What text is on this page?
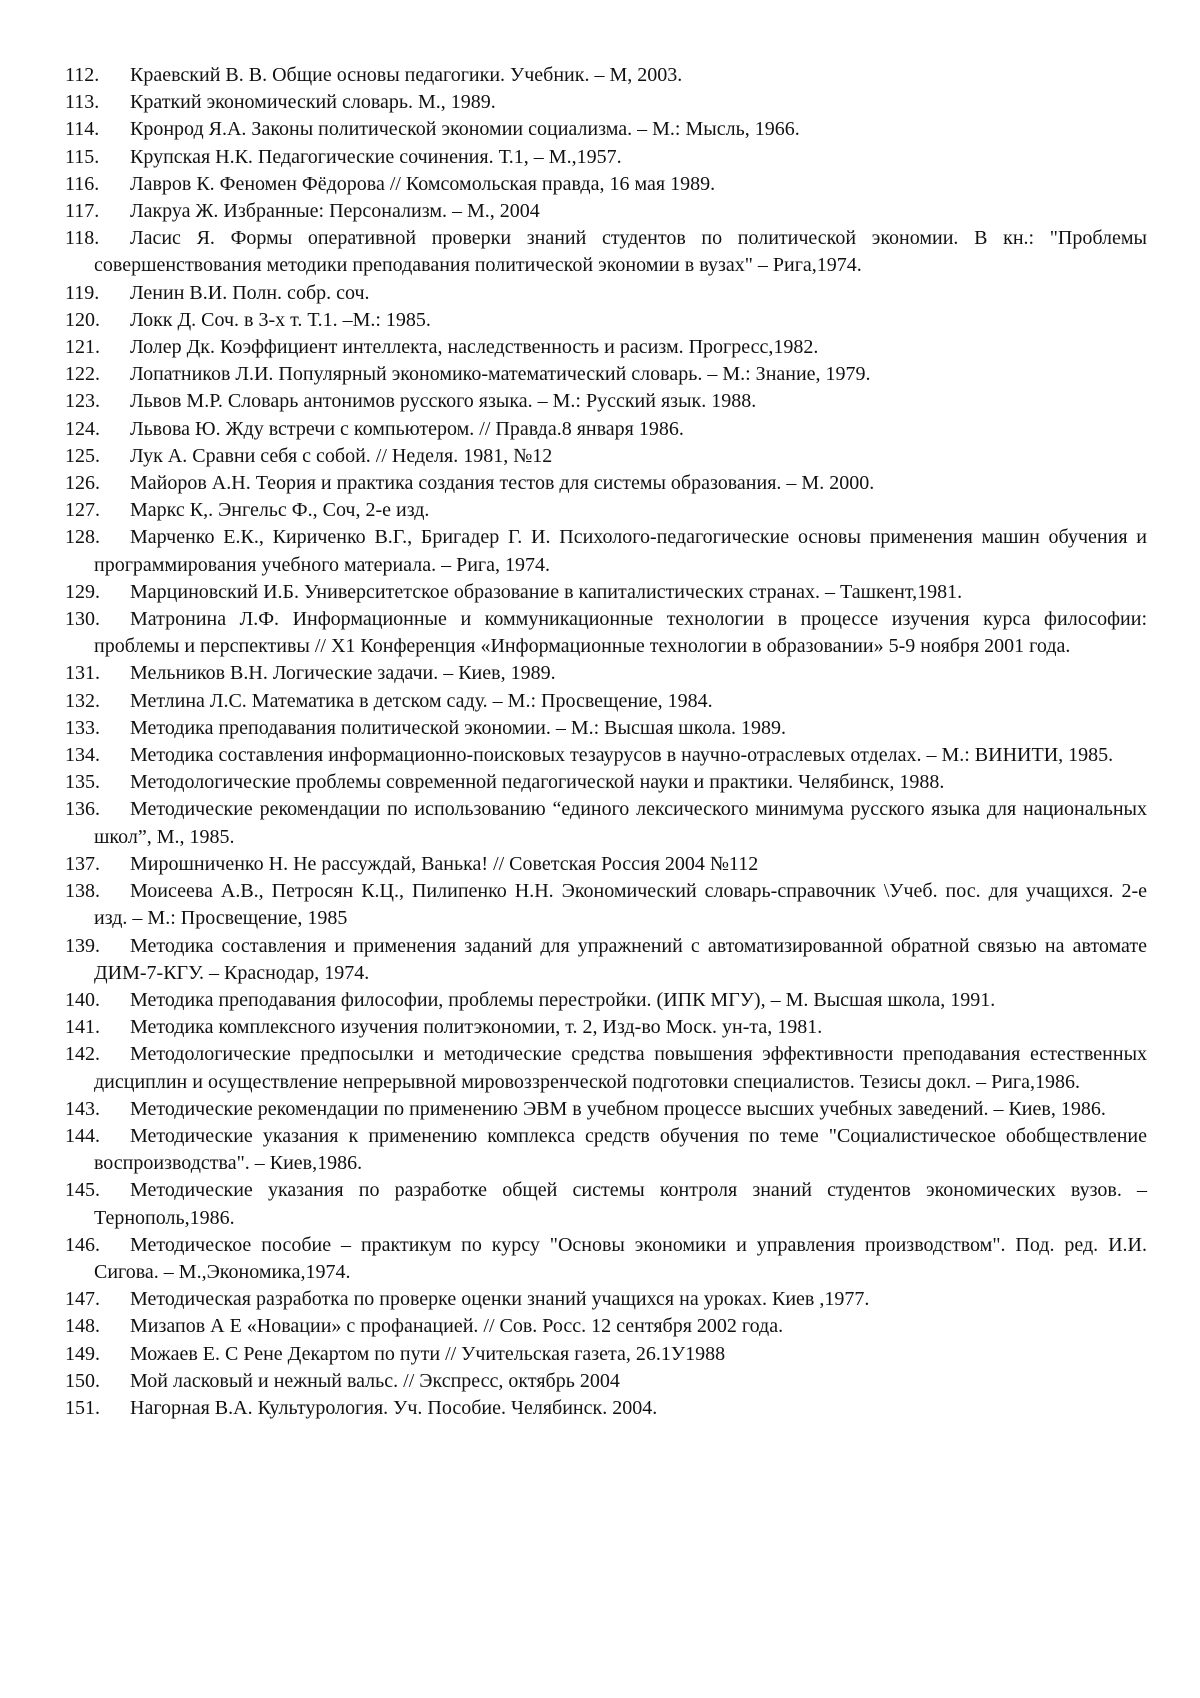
112.	Краевский В. В. Общие основы педагогики. Учебник. – М, 2003.
113.	Краткий экономический словарь. М., 1989.
114.	Кронрод Я.А. Законы политической экономии социализма. – М.: Мысль, 1966.
115.	Крупская Н.К. Педагогические сочинения. Т.1, – М.,1957.
116.	Лавров К. Феномен Фёдорова // Комсомольская правда, 16 мая 1989.
117.	Лакруа Ж. Избранные: Персонализм. – М., 2004
118.	Ласис Я. Формы оперативной проверки знаний студентов по политической экономии. В кн.: "Проблемы совершенствования методики преподавания политической экономии в вузах" – Рига,1974.
119.	Ленин В.И. Полн. собр. соч.
120.	Локк Д. Соч. в 3-х т. Т.1. –М.: 1985.
121.	Лолер Дк. Коэффициент интеллекта, наследственность и расизм. Прогресс,1982.
122.	Лопатников Л.И. Популярный экономико-математический словарь. – М.: Знание, 1979.
123.	Львов М.Р. Словарь антонимов русского языка. – М.: Русский язык. 1988.
124.	Львова Ю. Жду встречи с компьютером. // Правда.8 января 1986.
125.	Лук А. Сравни себя с собой. // Неделя. 1981, №12
126.	Майоров А.Н. Теория и практика создания тестов для системы образования. – М. 2000.
127.	Маркс К,. Энгельс Ф., Соч, 2-е изд.
128.	Марченко Е.К., Кириченко В.Г., Бригадер Г. И. Психолого-педагогические основы применения машин обучения и программирования учебного материала. – Рига, 1974.
129.	Марциновский И.Б. Университетское образование в капиталистических странах. – Ташкент,1981.
130.	Матронина Л.Ф. Информационные и коммуникационные технологии в процессе изучения курса философии: проблемы и перспективы // Х1 Конференция «Информационные технологии в образовании» 5-9 ноября 2001 года.
131.	Мельников В.Н. Логические задачи. – Киев, 1989.
132.	Метлина Л.С. Математика в детском саду. – М.: Просвещение, 1984.
133.	Методика преподавания политической экономии. – М.: Высшая школа. 1989.
134.	Методика составления информационно-поисковых тезаурусов в научно-отраслевых отделах. – М.: ВИНИТИ, 1985.
135.	Методологические проблемы современной педагогической науки и практики. Челябинск, 1988.
136.	Методические рекомендации по использованию “единого лексического минимума русского языка для национальных школ”, М., 1985.
137.	Мирошниченко Н. Не рассуждай, Ванька! // Советская Россия 2004 №112
138.	Моисеева А.В., Петросян К.Ц., Пилипенко Н.Н. Экономический словарь-справочник \Учеб. пос. для учащихся. 2-е изд. – М.: Просвещение, 1985
139.	Методика составления и применения заданий для упражнений с автоматизированной обратной связью на автомате ДИМ-7-КГУ. – Краснодар, 1974.
140.	Методика преподавания философии, проблемы перестройки. (ИПК МГУ), – М. Высшая школа, 1991.
141.	Методика комплексного изучения политэкономии, т. 2, Изд-во Моск. ун-та, 1981.
142.	Методологические предпосылки и методические средства повышения эффективности преподавания естественных дисциплин и осуществление непрерывной мировоззренческой подготовки специалистов. Тезисы докл. – Рига,1986.
143.	Методические рекомендации по применению ЭВМ в учебном процессе высших учебных заведений. – Киев, 1986.
144.	Методические указания к применению комплекса средств обучения по теме "Социалистическое обобществление воспроизводства". – Киев,1986.
145.	Методические указания по разработке общей системы контроля знаний студентов экономических вузов. – Тернополь,1986.
146.	Методическое пособие – практикум по курсу "Основы экономики и управления производством". Под. ред. И.И. Сигова. – М.,Экономика,1974.
147.	Методическая разработка по проверке оценки знаний учащихся на уроках. Киев ,1977.
148.	Мизапов А Е «Новации» с профанацией. // Сов. Росс. 12 сентября 2002 года.
149.	Можаев Е. С Рене Декартом по пути // Учительская газета, 26.1У1988
150.	Мой ласковый и нежный вальс. // Экспресс, октябрь 2004
151.	Нагорная В.А. Культурология. Уч. Пособие. Челябинск. 2004.
